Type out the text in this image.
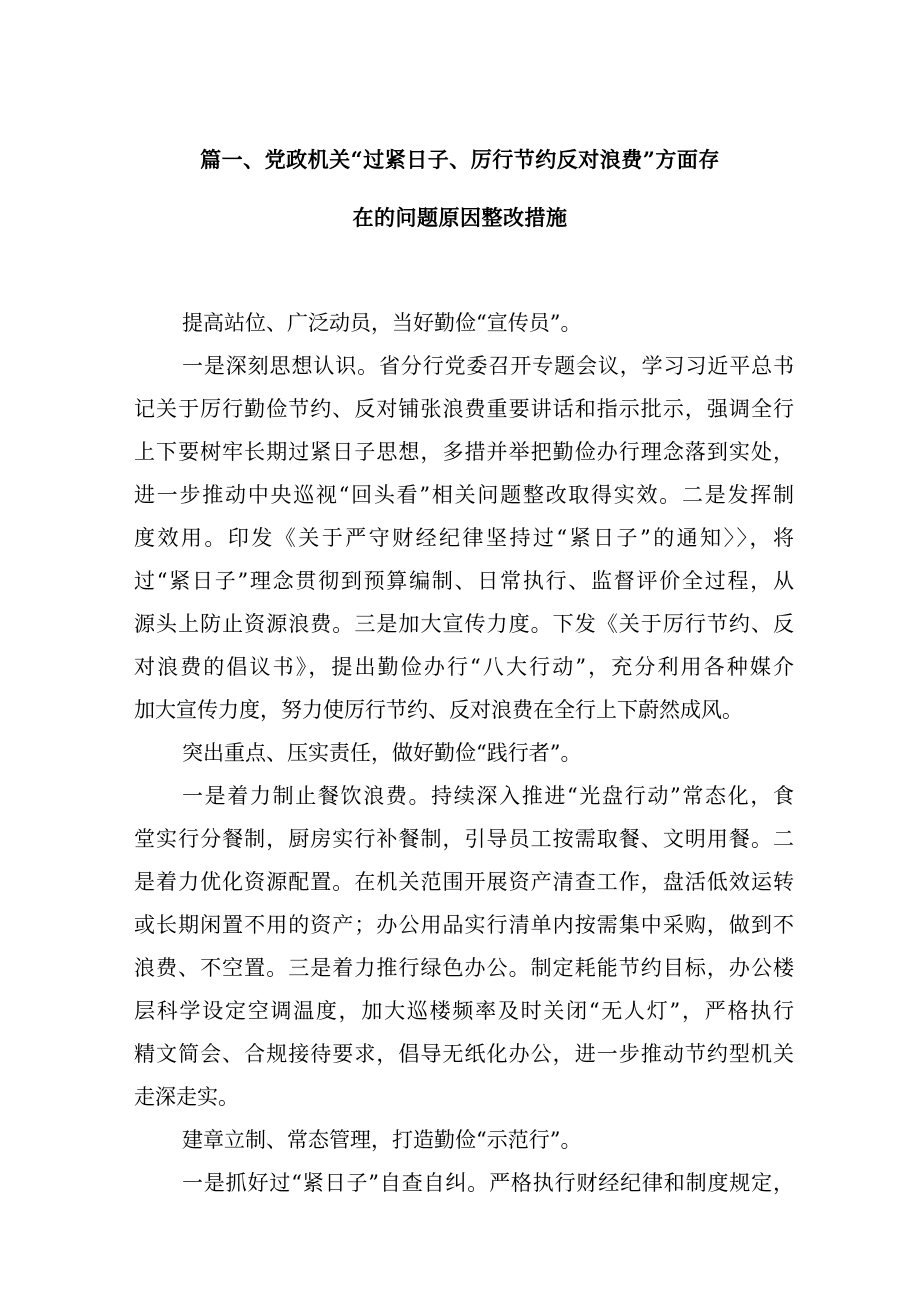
篇一、党政机关“过紧日子、厉行节约反对浪费”方面存
在的问题原因整改措施
提高站位、广泛动员，当好勤俭“宣传员”。
一是深刻思想认识。省分行党委召开专题会议，学习习近平总书
记关于厉行勤俭节约、反对铺张浪费重要讲话和指示批示，强调全行
上下要树牢长期过紧日子思想，多措并举把勤俭办行理念落到实处，
进一步推动中央巡视“回头看”相关问题整改取得实效。二是发挥制
度效用。印发《关于严守财经纪律坚持过“紧日子”的通知〉〉，将
过“紧日子”理念贯彻到预算编制、日常执行、监督评价全过程，从
源头上防止资源浪费。三是加大宣传力度。下发《关于厉行节约、反
对浪费的倡议书》，提出勤俭办行“八大行动”，充分利用各种媒介
加大宣传力度，努力使厉行节约、反对浪费在全行上下蔚然成风。
突出重点、压实责任，做好勤俭“践行者”。
一是着力制止餐饮浪费。持续深入推进“光盘行动”常态化，食
堂实行分餐制，厨房实行补餐制，引导员工按需取餐、文明用餐。二
是着力优化资源配置。在机关范围开展资产清查工作，盘活低效运转
或长期闲置不用的资产；办公用品实行清单内按需集中采购，做到不
浪费、不空置。三是着力推行绿色办公。制定耗能节约目标，办公楼
层科学设定空调温度，加大巡楼频率及时关闭“无人灯”，严格执行
精文简会、合规接待要求，倡导无纸化办公，进一步推动节约型机关
走深走实。
建章立制、常态管理，打造勤俭“示范行”。
一是抓好过“紧日子”自查自纠。严格执行财经纪律和制度规定，
